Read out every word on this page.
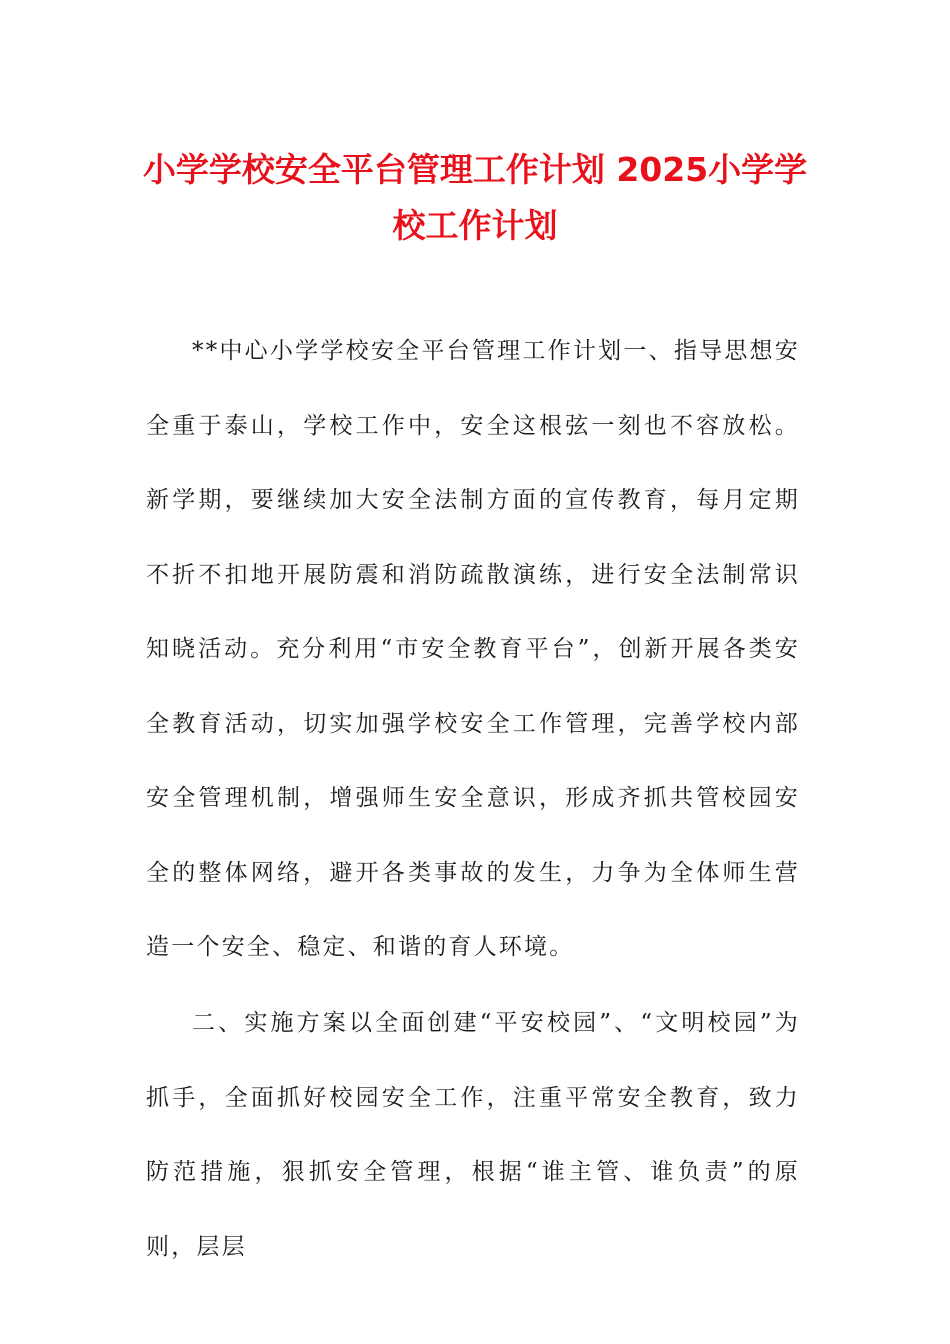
小学学校安全平台管理工作计划 2025小学学校工作计划

**中心小学学校安全平台管理工作计划一、指导思想安全重于泰山，学校工作中，安全这根弦一刻也不容放松。新学期，要继续加大安全法制方面的宣传教育，每月定期不折不扣地开展防震和消防疏散演练，进行安全法制常识知晓活动。充分利用“市安全教育平台”，创新开展各类安全教育活动，切实加强学校安全工作管理，完善学校内部安全管理机制，增强师生安全意识，形成齐抓共管校园安全的整体网络，避开各类事故的发生，力争为全体师生营造一个安全、稳定、和谐的育人环境。

二、实施方案以全面创建“平安校园”、“文明校园”为抓手，全面抓好校园安全工作，注重平常安全教育，致力防范措施，狠抓安全管理，根据“谁主管、谁负责”的原则，层层
